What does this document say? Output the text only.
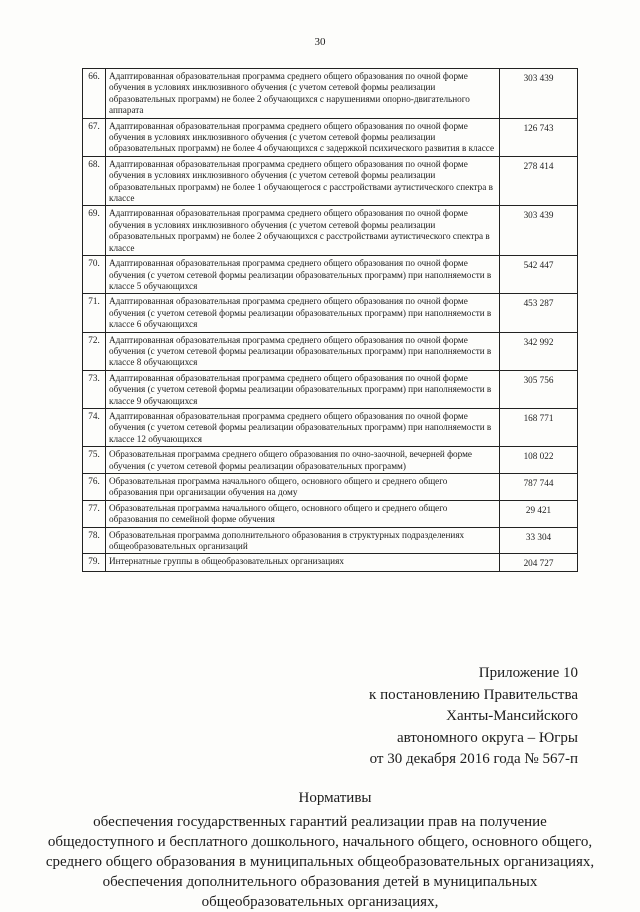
30
66.	Адаптированная образовательная программа среднего общего образования по очной форме обучения в условиях инклюзивного обучения (с учетом сетевой формы реализации образовательных программ) не более 2 обучающихся с нарушениями опорно-двигательного аппарата	303 439
67.	Адаптированная образовательная программа среднего общего образования по очной форме обучения в условиях инклюзивного обучения (с учетом сетевой формы реализации образовательных программ) не более 4 обучающихся с задержкой психического развития в классе	126 743
68.	Адаптированная образовательная программа среднего общего образования по очной форме обучения в условиях инклюзивного обучения (с учетом сетевой формы реализации образовательных программ) не более 1 обучающегося с расстройствами аутистического спектра в классе	278 414
69.	Адаптированная образовательная программа среднего общего образования по очной форме обучения в условиях инклюзивного обучения (с учетом сетевой формы реализации образовательных программ) не более 2 обучающихся с расстройствами аутистического спектра в классе	303 439
70.	Адаптированная образовательная программа среднего общего образования по очной форме обучения (с учетом сетевой формы реализации образовательных программ) при наполняемости в классе 5 обучающихся	542 447
71.	Адаптированная образовательная программа среднего общего образования по очной форме обучения (с учетом сетевой формы реализации образовательных программ) при наполняемости в классе 6 обучающихся	453 287
72.	Адаптированная образовательная программа среднего общего образования по очной форме обучения (с учетом сетевой формы реализации образовательных программ) при наполняемости в классе 8 обучающихся	342 992
73.	Адаптированная образовательная программа среднего общего образования по очной форме обучения (с учетом сетевой формы реализации образовательных программ) при наполняемости в классе 9 обучающихся	305 756
74.	Адаптированная образовательная программа среднего общего образования по очной форме обучения (с учетом сетевой формы реализации образовательных программ) при наполняемости в классе 12 обучающихся	168 771
75.	Образовательная программа среднего общего образования по очно-заочной, вечерней форме обучения (с учетом сетевой формы реализации образовательных программ)	108 022
76.	Образовательная программа начального общего, основного общего и среднего общего образования при организации обучения на дому	787 744
77.	Образовательная программа начального общего, основного общего и среднего общего образования по семейной форме обучения	29 421
78.	Образовательная программа дополнительного образования в структурных подразделениях общеобразовательных организаций	33 304
79.	Интернатные группы в общеобразовательных организациях	204 727
Приложение 10
к постановлению Правительства
Ханты-Мансийского
автономного округа – Югры
от 30 декабря 2016 года № 567-п
Нормативы
обеспечения государственных гарантий реализации прав на получение общедоступного и бесплатного дошкольного, начального общего, основного общего, среднего общего образования в муниципальных общеобразовательных организациях, обеспечения дополнительного образования детей в муниципальных общеобразовательных организациях,
